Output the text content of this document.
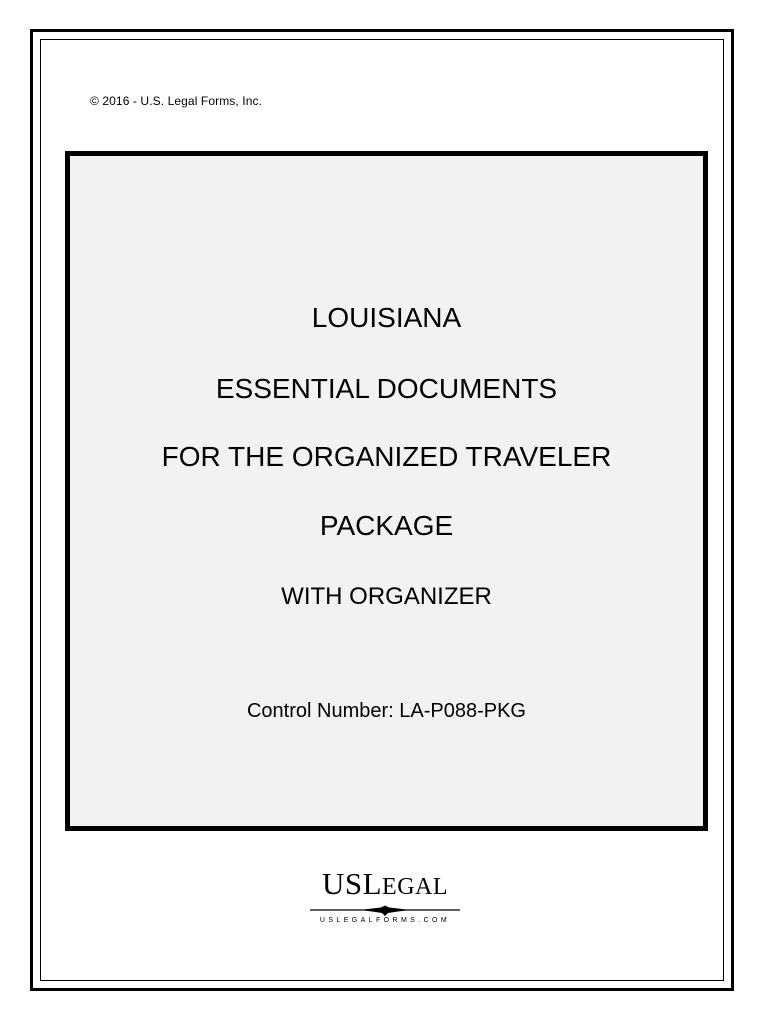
© 2016 - U.S. Legal Forms, Inc.
LOUISIANA
ESSENTIAL DOCUMENTS
FOR THE ORGANIZED TRAVELER
PACKAGE
WITH ORGANIZER
Control Number: LA-P088-PKG
USLEGAL
USLEGALFORMS.COM
